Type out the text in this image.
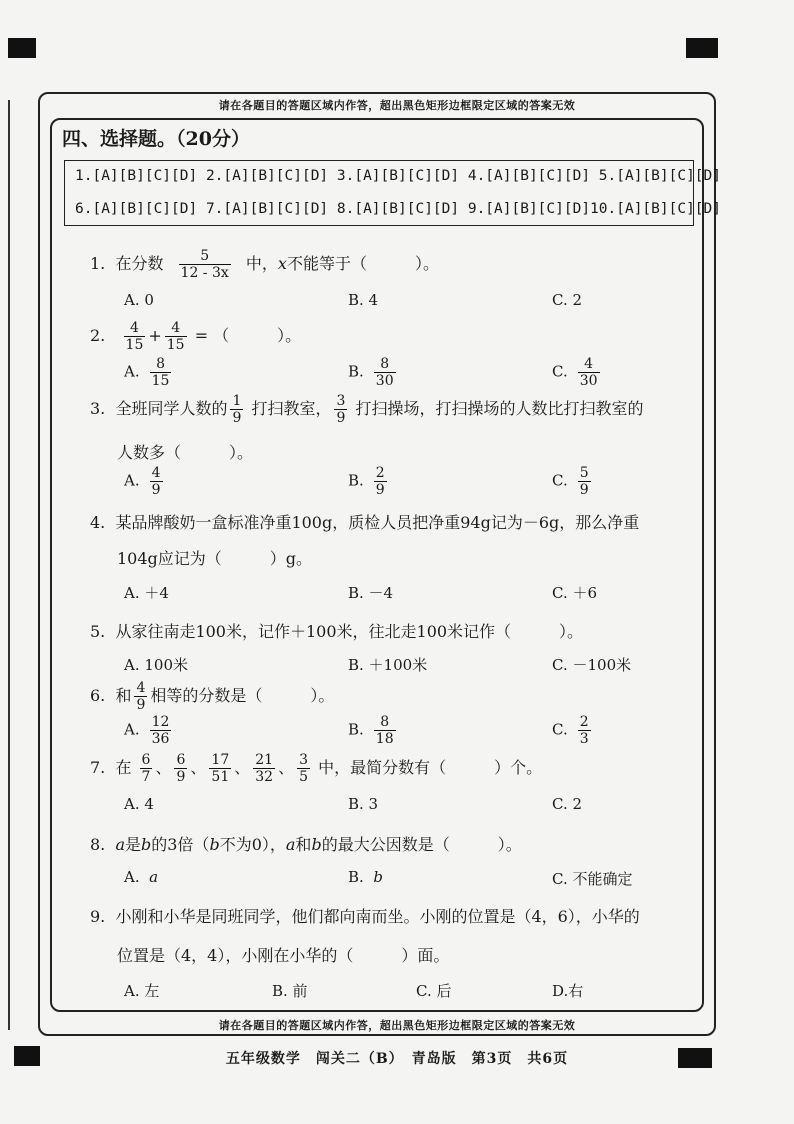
请在各题目的答题区域内作答，超出黑色矩形边框限定区域的答案无效
四、选择题。（20分）
1.[A][B][C][D] 2.[A][B][C][D] 3.[A][B][C][D] 4.[A][B][C][D] 5.[A][B][C][D]
6.[A][B][C][D] 7.[A][B][C][D] 8.[A][B][C][D] 9.[A][B][C][D]10.[A][B][C][D]
1. 在分数 $\frac{5}{12 - 3x}$ 中，x不能等于（　　　）。
A. 0	B. 4	C. 2
2. $\frac{4}{15} + \frac{4}{15}$ = （　　　）。
A. $\frac{8}{15}$	B. $\frac{8}{30}$	C. $\frac{4}{30}$
3. 全班同学人数的 $\frac{1}{9}$ 打扫教室， $\frac{3}{9}$ 打扫操场，打扫操场的人数比打扫教室的
人数多（　　　）。
A. $\frac{4}{9}$	B. $\frac{2}{9}$	C. $\frac{5}{9}$
4. 某品牌酸奶一盒标准净重100g，质检人员把净重94g记为－6g，那么净重
104g应记为（　　　）g。
A. ＋4	B. －4	C. ＋6
5. 从家往南走100米，记作＋100米，往北走100米记作（　　　）。
A. 100米	B. ＋100米	C. －100米
6. 和 $\frac{4}{9}$ 相等的分数是（　　　）。
A. $\frac{12}{36}$	B. $\frac{8}{18}$	C. $\frac{2}{3}$
7. 在 $\frac{6}{7}$ 、 $\frac{6}{9}$ 、 $\frac{17}{51}$ 、 $\frac{21}{32}$ 、 $\frac{3}{5}$ 中，最简分数有（　　　）个。
A. 4	B. 3	C. 2
8. a是b的3倍（b不为0），a和b的最大公因数是（　　　）。
A. a	B. b	C. 不能确定
9. 小刚和小华是同班同学，他们都向南而坐。小刚的位置是（4，6），小华的
位置是（4，4），小刚在小华的（　　　）面。
A. 左	B. 前	C. 后	D.右
请在各题目的答题区域内作答，超出黑色矩形边框限定区域的答案无效
五年级数学　闯关二（B）　青岛版　第3页　共6页
